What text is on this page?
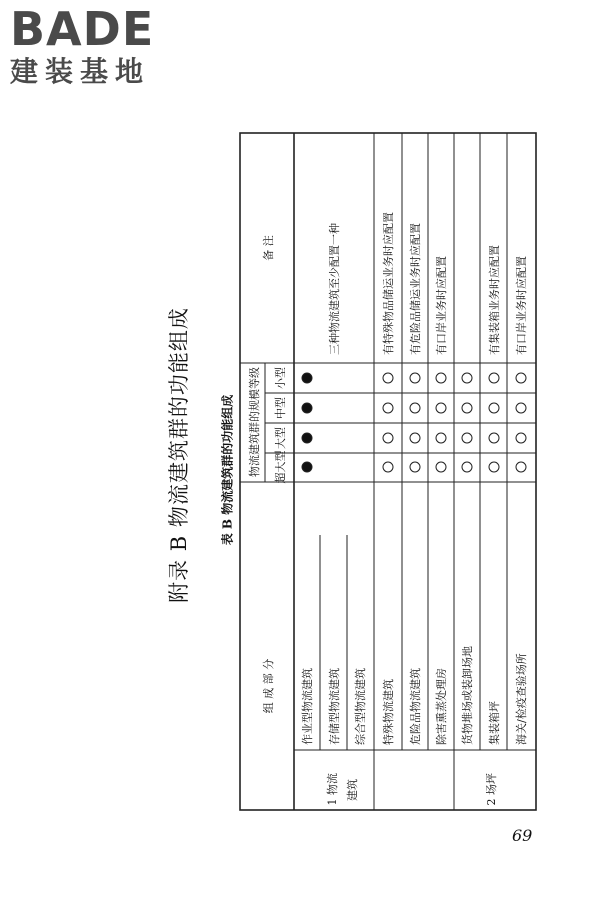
BADE
建装基地
附录 B 物流建筑群的功能组成 表 B 物流建筑群的功能组成
组 成 部 分
物流建筑群的规模等级 超大型
大型
中型
小型
备 注
1
物流 建筑
2
场坪
作业型物流建筑
三种物流建筑至少配置一种
存储型物流建筑 综合型物流建筑 特殊物流建筑
有特殊物品储运业务时应配置
危险品物流建筑
有危险品储运业务时应配置
除害熏蒸处理房
有口岸业务时应配置
货物堆场或装卸场地 集装箱坪
有集装箱业务时应配置
海关/检疫查验场所
有口岸业务时应配置
69
